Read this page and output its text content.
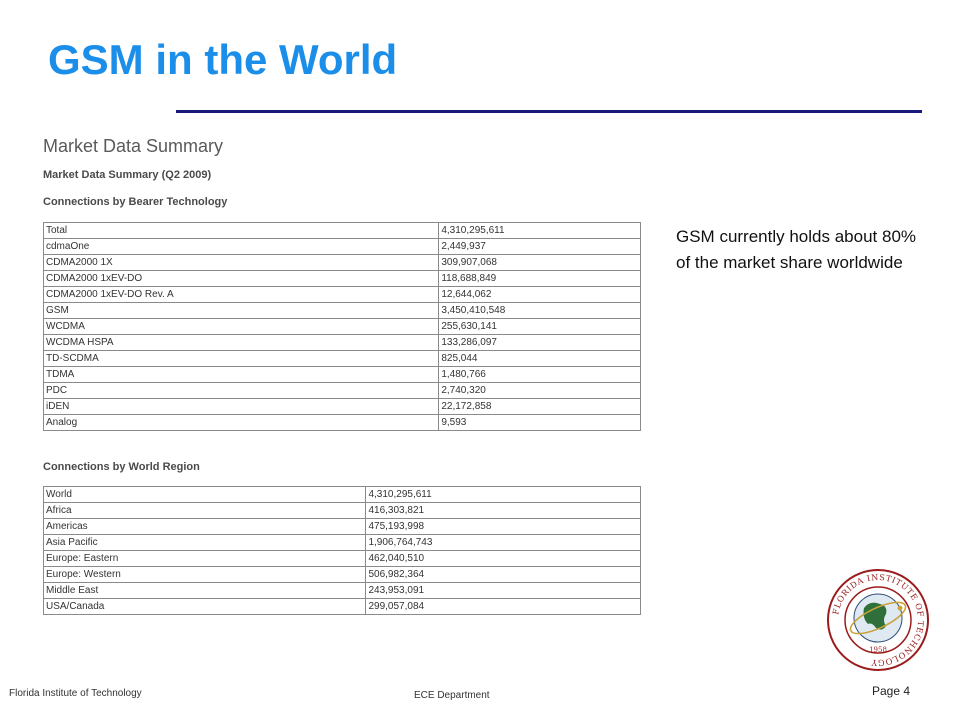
GSM in the World
Market Data Summary
Market Data Summary (Q2 2009)
Connections by Bearer Technology
Total	4,310,295,611
cdmaOne	2,449,937
CDMA2000 1X	309,907,068
CDMA2000 1xEV-DO	118,688,849
CDMA2000 1xEV-DO Rev. A	12,644,062
GSM	3,450,410,548
WCDMA	255,630,141
WCDMA HSPA	133,286,097
TD-SCDMA	825,044
TDMA	1,480,766
PDC	2,740,320
iDEN	22,172,858
Analog	9,593
Connections by World Region
World	4,310,295,611
Africa	416,303,821
Americas	475,193,998
Asia Pacific	1,906,764,743
Europe: Eastern	462,040,510
Europe: Western	506,982,364
Middle East	243,953,091
USA/Canada	299,057,084
GSM currently holds about 80% of the market share worldwide
FLORIDA INSTITUTE OF TECHNOLOGY
1958
Florida Institute of Technology	ECE Department	Page 4
